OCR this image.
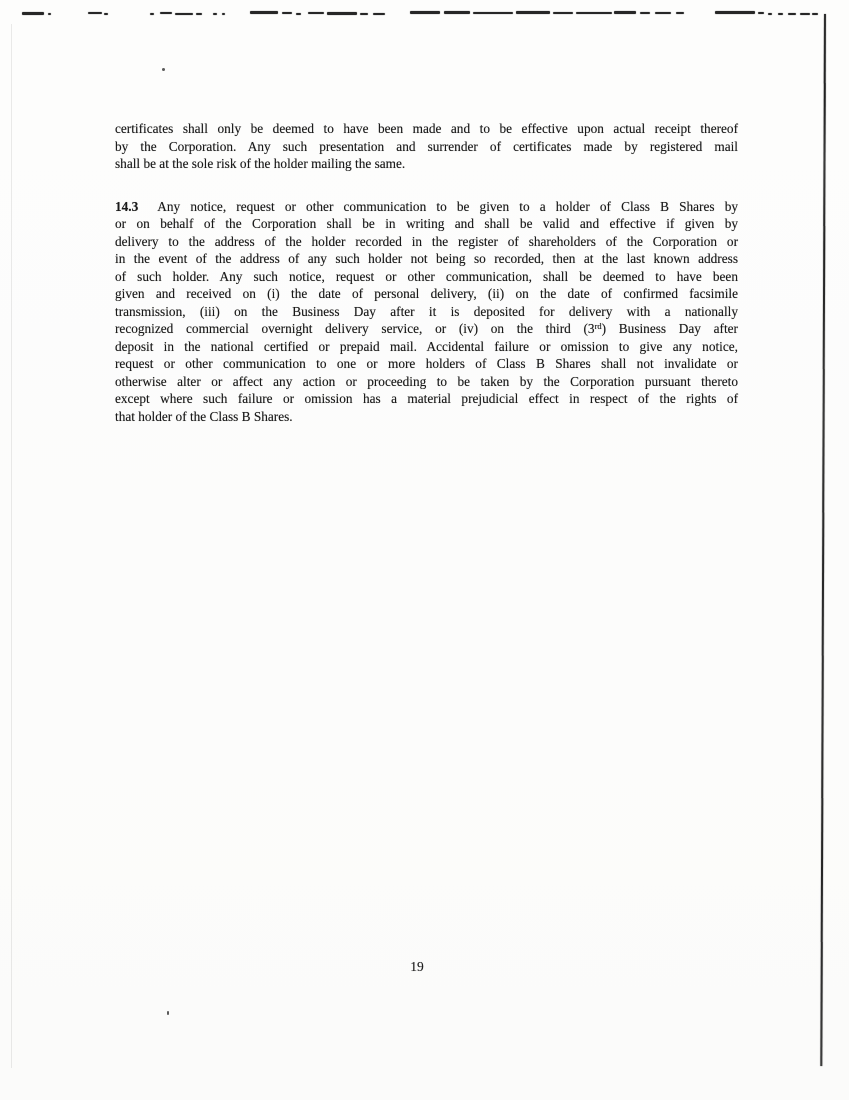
certificates shall only be deemed to have been made and to be effective upon actual receipt thereof
by the Corporation. Any such presentation and surrender of certificates made by registered mail
shall be at the sole risk of the holder mailing the same.
14.3 Any notice, request or other communication to be given to a holder of Class B Shares by
or on behalf of the Corporation shall be in writing and shall be valid and effective if given by
delivery to the address of the holder recorded in the register of shareholders of the Corporation or
in the event of the address of any such holder not being so recorded, then at the last known address
of such holder. Any such notice, request or other communication, shall be deemed to have been
given and received on (i) the date of personal delivery, (ii) on the date of confirmed facsimile
transmission, (iii) on the Business Day after it is deposited for delivery with a nationally
recognized commercial overnight delivery service, or (iv) on the third (3rd) Business Day after
deposit in the national certified or prepaid mail. Accidental failure or omission to give any notice,
request or other communication to one or more holders of Class B Shares shall not invalidate or
otherwise alter or affect any action or proceeding to be taken by the Corporation pursuant thereto
except where such failure or omission has a material prejudicial effect in respect of the rights of
that holder of the Class B Shares.
19
